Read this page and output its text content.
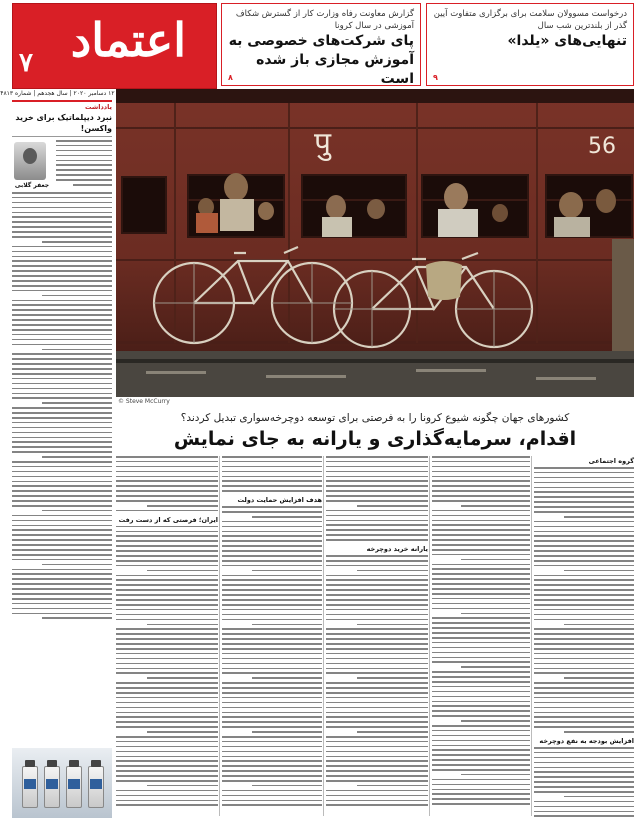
اعتماد
۷
۱۲ دسامبر ۲۰۲۰ | سال هجدهم | شماره ۴۸۱۳
گزارش معاونت رفاه وزارت کار از گسترش شکاف آموزشی در سال کرونا
پای شرکت‌های خصوصی به آموزش مجازی باز شده است
۸
درخواست مسوولان سلامت برای برگزاری متفاوت آیین گذر از بلندترین شب سال
تنهایی‌های «یلدا»
۹
یادداشت
نبرد دیپلماتیک برای خرید واکسن!
جعفر گلابی
पु	56
© Steve McCurry
کشورهای جهان چگونه شیوع کرونا را به فرصتی برای توسعه دوچرخه‌سواری تبدیل کردند؟
اقدام، سرمایه‌گذاری و یارانه به جای نمایش
گروه اجتماعی
افزایش بودجه به نفع دوچرخه
یارانه خرید دوچرخه
هدف افزایش حمایت دولت
ایران؛ فرصتی که از دست رفت
